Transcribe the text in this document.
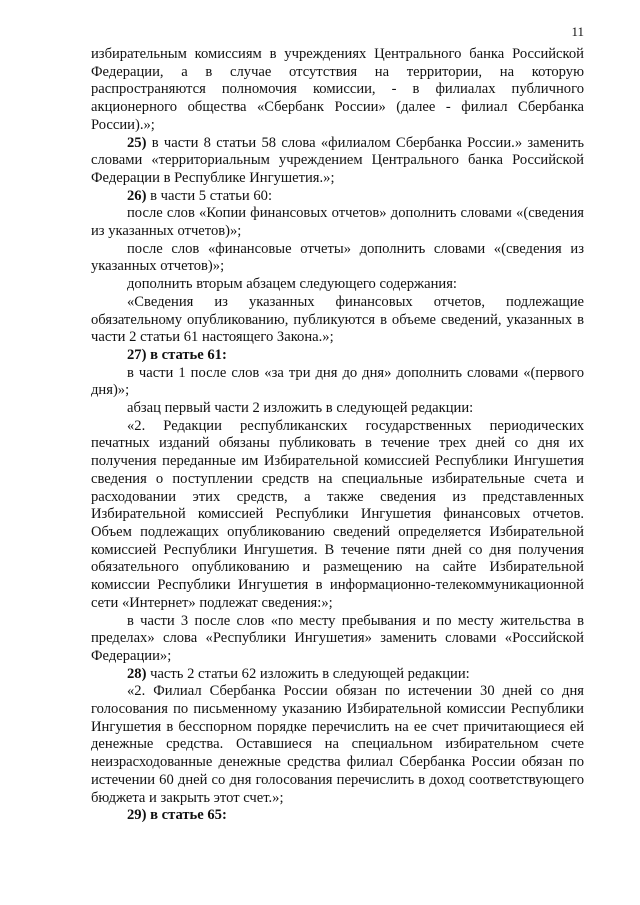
11

избирательным комиссиям в учреждениях Центрального банка Российской Федерации, а в случае отсутствия на территории, на которую распространяются полномочия комиссии, - в филиалах публичного акционерного общества «Сбербанк России» (далее - филиал Сбербанка России).»;

25) в части 8 статьи 58 слова «филиалом Сбербанка России.» заменить словами «территориальным учреждением Центрального банка Российской Федерации в Республике Ингушетия.»;

26) в части 5 статьи 60:

после слов «Копии финансовых отчетов» дополнить словами «(сведения из указанных отчетов)»;

после слов «финансовые отчеты» дополнить словами «(сведения из указанных отчетов)»;

дополнить вторым абзацем следующего содержания:

«Сведения из указанных финансовых отчетов, подлежащие обязательному опубликованию, публикуются в объеме сведений, указанных в части 2 статьи 61 настоящего Закона.»;

27) в статье 61:

в части 1 после слов «за три дня до дня» дополнить словами «(первого дня)»;

абзац первый части 2 изложить в следующей редакции:

«2. Редакции республиканских государственных периодических печатных изданий обязаны публиковать в течение трех дней со дня их получения переданные им Избирательной комиссией Республики Ингушетия сведения о поступлении средств на специальные избирательные счета и расходовании этих средств, а также сведения из представленных Избирательной комиссией Республики Ингушетия финансовых отчетов. Объем подлежащих опубликованию сведений определяется Избирательной комиссией Республики Ингушетия. В течение пяти дней со дня получения обязательного опубликованию и размещению на сайте Избирательной комиссии Республики Ингушетия в информационно-телекоммуникационной сети «Интернет» подлежат сведения:»;

в части 3 после слов «по месту пребывания и по месту жительства в пределах» слова «Республики Ингушетия» заменить словами «Российской Федерации»;

28) часть 2 статьи 62 изложить в следующей редакции:

«2. Филиал Сбербанка России обязан по истечении 30 дней со дня голосования по письменному указанию Избирательной комиссии Республики Ингушетия в бесспорном порядке перечислить на ее счет причитающиеся ей денежные средства. Оставшиеся на специальном избирательном счете неизрасходованные денежные средства филиал Сбербанка России обязан по истечении 60 дней со дня голосования перечислить в доход соответствующего бюджета и закрыть этот счет.»;

29) в статье 65:
